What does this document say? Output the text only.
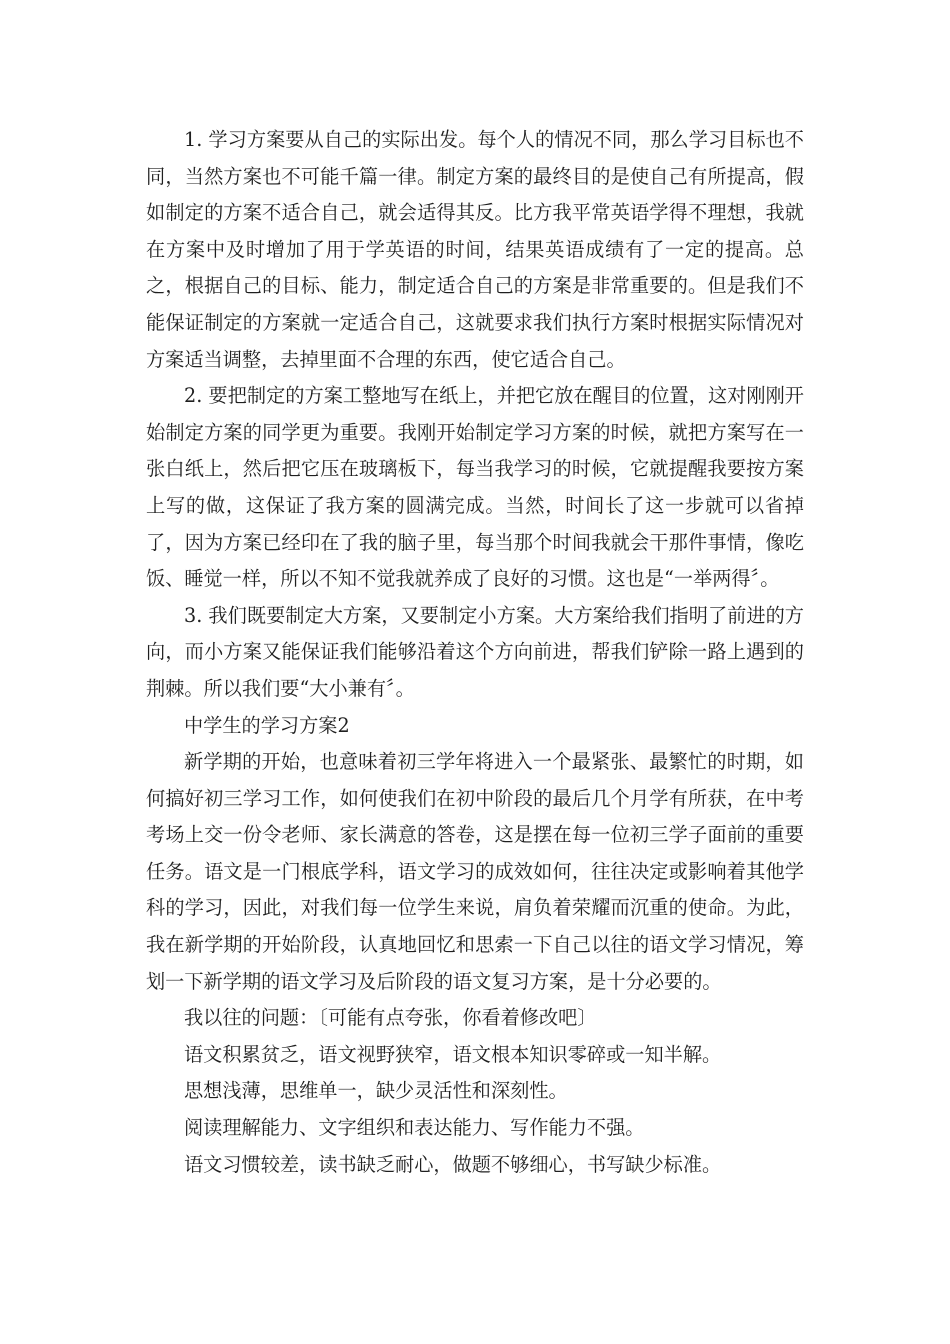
1. 学习方案要从自己的实际出发。每个人的情况不同，那么学习目标也不同，当然方案也不可能千篇一律。制定方案的最终目的是使自己有所提高，假如制定的方案不适合自己，就会适得其反。比方我平常英语学得不理想，我就在方案中及时增加了用于学英语的时间，结果英语成绩有了一定的提高。总之，根据自己的目标、能力，制定适合自己的方案是非常重要的。但是我们不能保证制定的方案就一定适合自己，这就要求我们执行方案时根据实际情况对方案适当调整，去掉里面不合理的东西，使它适合自己。

2. 要把制定的方案工整地写在纸上，并把它放在醒目的位置，这对刚刚开始制定方案的同学更为重要。我刚开始制定学习方案的时候，就把方案写在一张白纸上，然后把它压在玻璃板下，每当我学习的时候，它就提醒我要按方案上写的做，这保证了我方案的圆满完成。当然，时间长了这一步就可以省掉了，因为方案已经印在了我的脑子里，每当那个时间我就会干那件事情，像吃饭、睡觉一样，所以不知不觉我就养成了良好的习惯。这也是“一举两得〞。

3. 我们既要制定大方案，又要制定小方案。大方案给我们指明了前进的方向，而小方案又能保证我们能够沿着这个方向前进，帮我们铲除一路上遇到的荆棘。所以我们要“大小兼有〞。

中学生的学习方案2

新学期的开始，也意味着初三学年将进入一个最紧张、最繁忙的时期，如何搞好初三学习工作，如何使我们在初中阶段的最后几个月学有所获，在中考考场上交一份令老师、家长满意的答卷，这是摆在每一位初三学子面前的重要任务。语文是一门根底学科，语文学习的成效如何，往往决定或影响着其他学科的学习，因此，对我们每一位学生来说，肩负着荣耀而沉重的使命。为此，我在新学期的开始阶段，认真地回忆和思索一下自己以往的语文学习情况，筹划一下新学期的语文学习及后阶段的语文复习方案，是十分必要的。

我以往的问题：〔可能有点夸张，你看着修改吧〕

语文积累贫乏，语文视野狭窄，语文根本知识零碎或一知半解。

思想浅薄，思维单一，缺少灵活性和深刻性。

阅读理解能力、文字组织和表达能力、写作能力不强。

语文习惯较差，读书缺乏耐心，做题不够细心，书写缺少标准。
